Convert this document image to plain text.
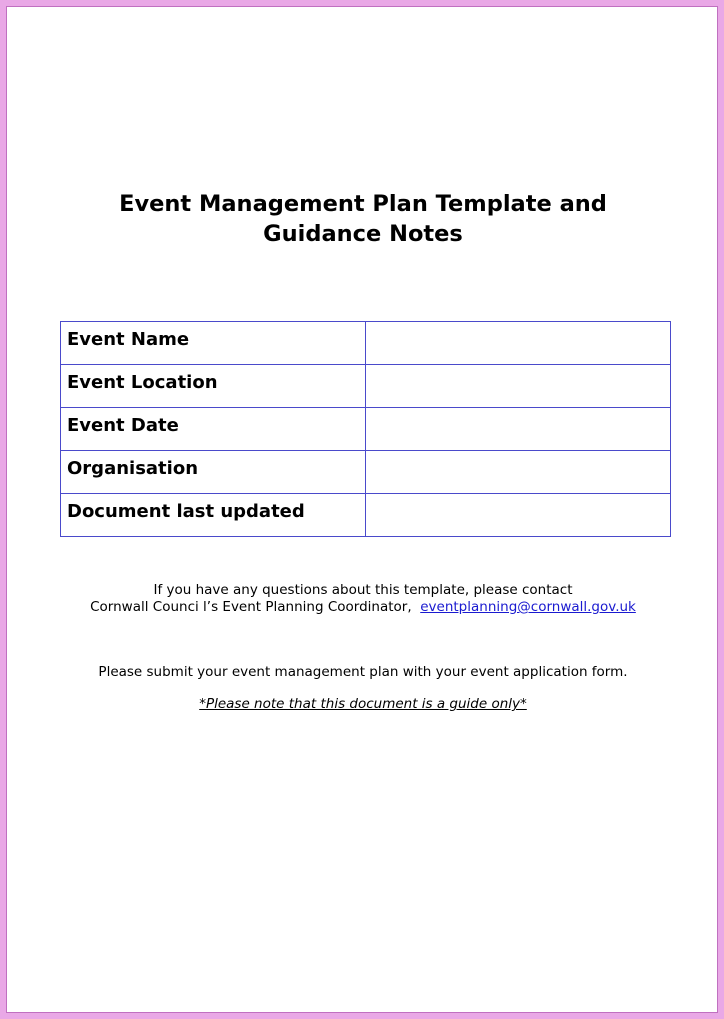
Event Management Plan Template and
Guidance Notes
Event Name	
Event Location	
Event Date	
Organisation	
Document last updated	
If you have any questions about this template, please contact
Cornwall Counci l’s Event Planning Coordinator, eventplanning@cornwall.gov.uk
Please submit your event management plan with your event application form.
*Please note that this document is a guide only*
